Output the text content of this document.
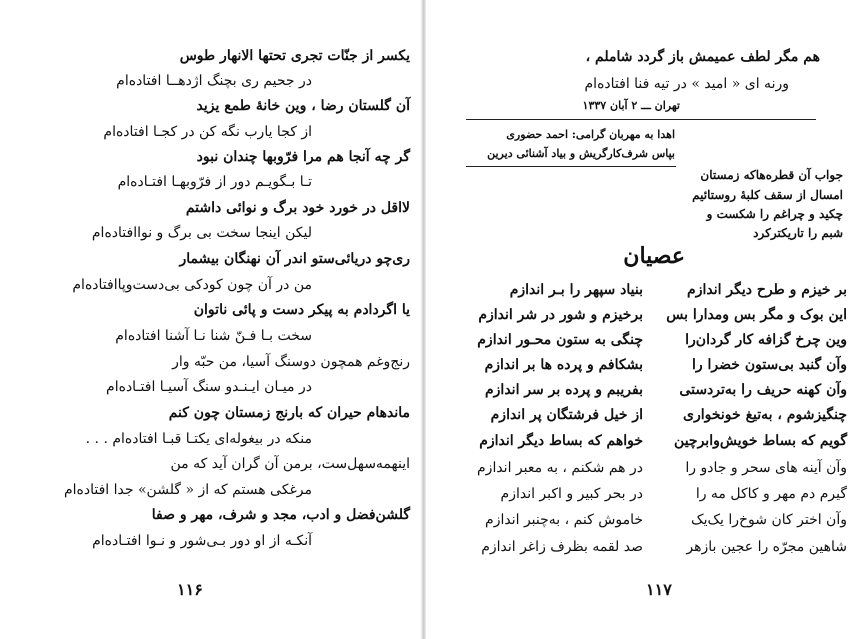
یکسر از جنّات تجری تحتها الانهار طوس
در جحیم ری بچنگ اژدهــا افتاده‌ام
آن گلستان رضا ، وین خانهٔ طمع یزید
از کجا یارب نگه کن در کجـا افتاده‌ام
گر چه آنجا هم مرا فرّوبها چندان نبود
تـا بـگویـم دور از فرّوبهـا افتـاده‌ام
لااقل در خورد خود برگ و نوائی داشتم
لیکن اینجا سخت بی برگ و نواافتاده‌ام
ری‌چو دریائی‌ستو اندر آن نهنگان بیشمار
من در آن چون کودکی بی‌دست‌وپاافتاده‌ام
یا اگردادم به پیکر دست و پائی ناتوان
سخت بـا فـنّ شنا نـا آشنا افتاده‌ام
رنج‌وغم همچون دوسنگ آسیا، من حبّه وار
در میـان ایـنـدو سنگ آسیـا افتـاده‌ام
ماندهام حیران که بارنج زمستان چون کنم
منکه در بیغوله‌ای یکتـا قبـا افتاده‌ام . . .
اینهمه‌سهل‌ست، برمن آن گران آید که من
مرغکی هستم که از « گلشن» جدا افتاده‌ام
گلشن‌فضل و ادب، مجد و شرف، مهر و صفا
آنکـه از او دور بـی‌شور و نـوا افتـاده‌ام
۱۱۶
هم مگر لطف عمیمش باز گردد شاملم ،
ورنه ای « امید » در تیه فنا افتاده‌ام
تهران ـــ ۲ آبان ۱۳۳۷
اهدا به مهربان گرامی: احمد حضوری
بپاس شرف‌کارگریش و بیاد آشنائی دیرین
جواب آن قطره‌هاکه زمستان
امسال از سقف کلبهٔ روستائیم
چکید و چراغم را شکست و
شبم را تاریکترکرد
عصیان
بر خیزم و طرح دیگر اندازم
بنیاد سپهر را بـر اندازم
این بوک و مگر بس ومدارا بس
برخیزم و شور در شر اندازم
وین چرخ گزافه کار گردان‌را
چنگی به ستون محـور اندازم
وآن گنبد بی‌ستون خضرا را
بشکافم و پرده ها بر اندازم
وآن کهنه حریف را به‌تردستی
بفریبم و پرده بر سر اندازم
چنگیزشوم ، به‌تیغ خونخواری
از خیل فرشتگان پر اندازم
گویم که بساط خویش‌وابرچین
خواهم که بساط دیگر اندازم
وآن آینه های سحر و جادو را
در هم شکنم ، به معبر اندازم
گیرم دم مهر و کاکل مه را
در بحر کبیر و اکبر اندازم
وآن اختر کان شوخ‌را یک‌یک
خاموش کنم ، به‌چنبر اندازم
شاهین مجرّه را عجین بازهر
صد لقمه بظرف زاغر اندازم
۱۱۷
